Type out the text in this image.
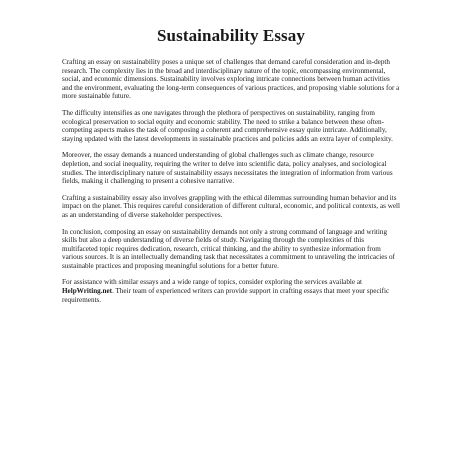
Sustainability Essay

Crafting an essay on sustainability poses a unique set of challenges that demand careful consideration and in-depth research. The complexity lies in the broad and interdisciplinary nature of the topic, encompassing environmental, social, and economic dimensions. Sustainability involves exploring intricate connections between human activities and the environment, evaluating the long-term consequences of various practices, and proposing viable solutions for a more sustainable future.

The difficulty intensifies as one navigates through the plethora of perspectives on sustainability, ranging from ecological preservation to social equity and economic stability. The need to strike a balance between these often-competing aspects makes the task of composing a coherent and comprehensive essay quite intricate. Additionally, staying updated with the latest developments in sustainable practices and policies adds an extra layer of complexity.

Moreover, the essay demands a nuanced understanding of global challenges such as climate change, resource depletion, and social inequality, requiring the writer to delve into scientific data, policy analyses, and sociological studies. The interdisciplinary nature of sustainability essays necessitates the integration of information from various fields, making it challenging to present a cohesive narrative.

Crafting a sustainability essay also involves grappling with the ethical dilemmas surrounding human behavior and its impact on the planet. This requires careful consideration of different cultural, economic, and political contexts, as well as an understanding of diverse stakeholder perspectives.

In conclusion, composing an essay on sustainability demands not only a strong command of language and writing skills but also a deep understanding of diverse fields of study. Navigating through the complexities of this multifaceted topic requires dedication, research, critical thinking, and the ability to synthesize information from various sources. It is an intellectually demanding task that necessitates a commitment to unraveling the intricacies of sustainable practices and proposing meaningful solutions for a better future.

For assistance with similar essays and a wide range of topics, consider exploring the services available at HelpWriting.net. Their team of experienced writers can provide support in crafting essays that meet your specific requirements.
